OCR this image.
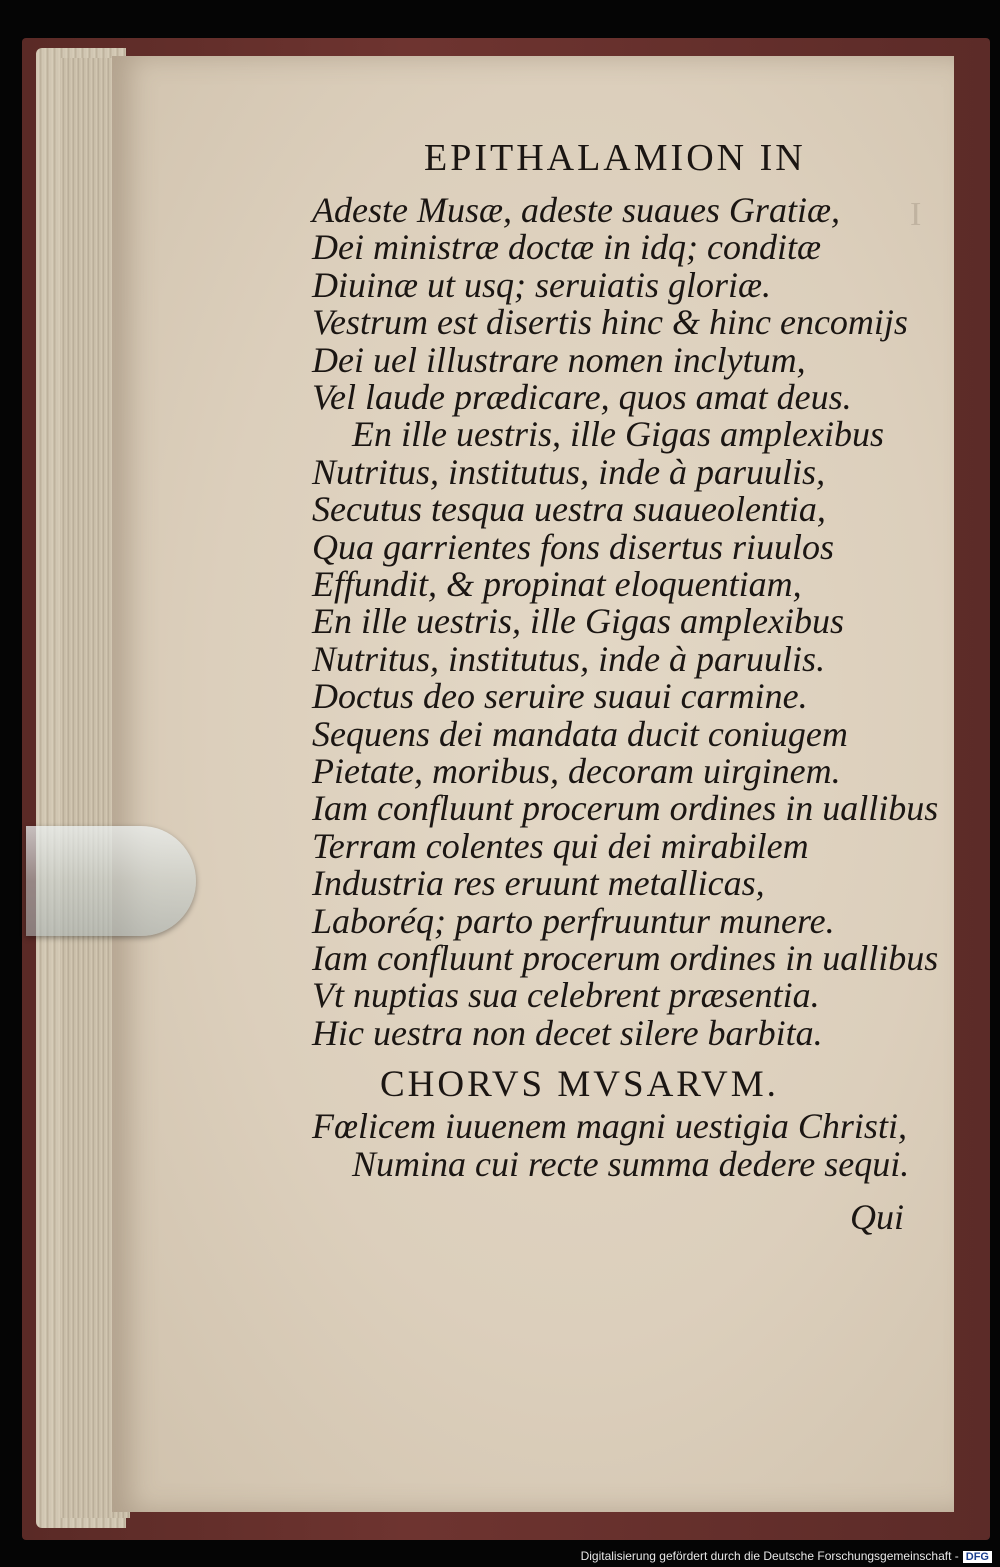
I
EPITHALAMION IN
Adeste Musæ, adeste suaues Gratiæ,
Dei ministræ doctæ in idq; conditæ
Diuinæ ut usq; seruiatis gloriæ.
Vestrum est disertis hinc & hinc encomijs
Dei uel illustrare nomen inclytum,
Vel laude prædicare, quos amat deus.
En ille uestris, ille Gigas amplexibus
Nutritus, institutus, inde à paruulis,
Secutus tesqua uestra suaueolentia,
Qua garrientes fons disertus riuulos
Effundit, & propinat eloquentiam,
En ille uestris, ille Gigas amplexibus
Nutritus, institutus, inde à paruulis.
Doctus deo seruire suaui carmine.
Sequens dei mandata ducit coniugem
Pietate, moribus, decoram uirginem.
Iam confluunt procerum ordines in uallibus
Terram colentes qui dei mirabilem
Industria res eruunt metallicas,
Laboréq; parto perfruuntur munere.
Iam confluunt procerum ordines in uallibus
Vt nuptias sua celebrent præsentia.
Hic uestra non decet silere barbita.
CHORVS MVSARVM.
Fœlicem iuuenem magni uestigia Christi,
Numina cui recte summa dedere sequi.
Qui
Digitalisierung gefördert durch die Deutsche Forschungsgemeinschaft - DFG
